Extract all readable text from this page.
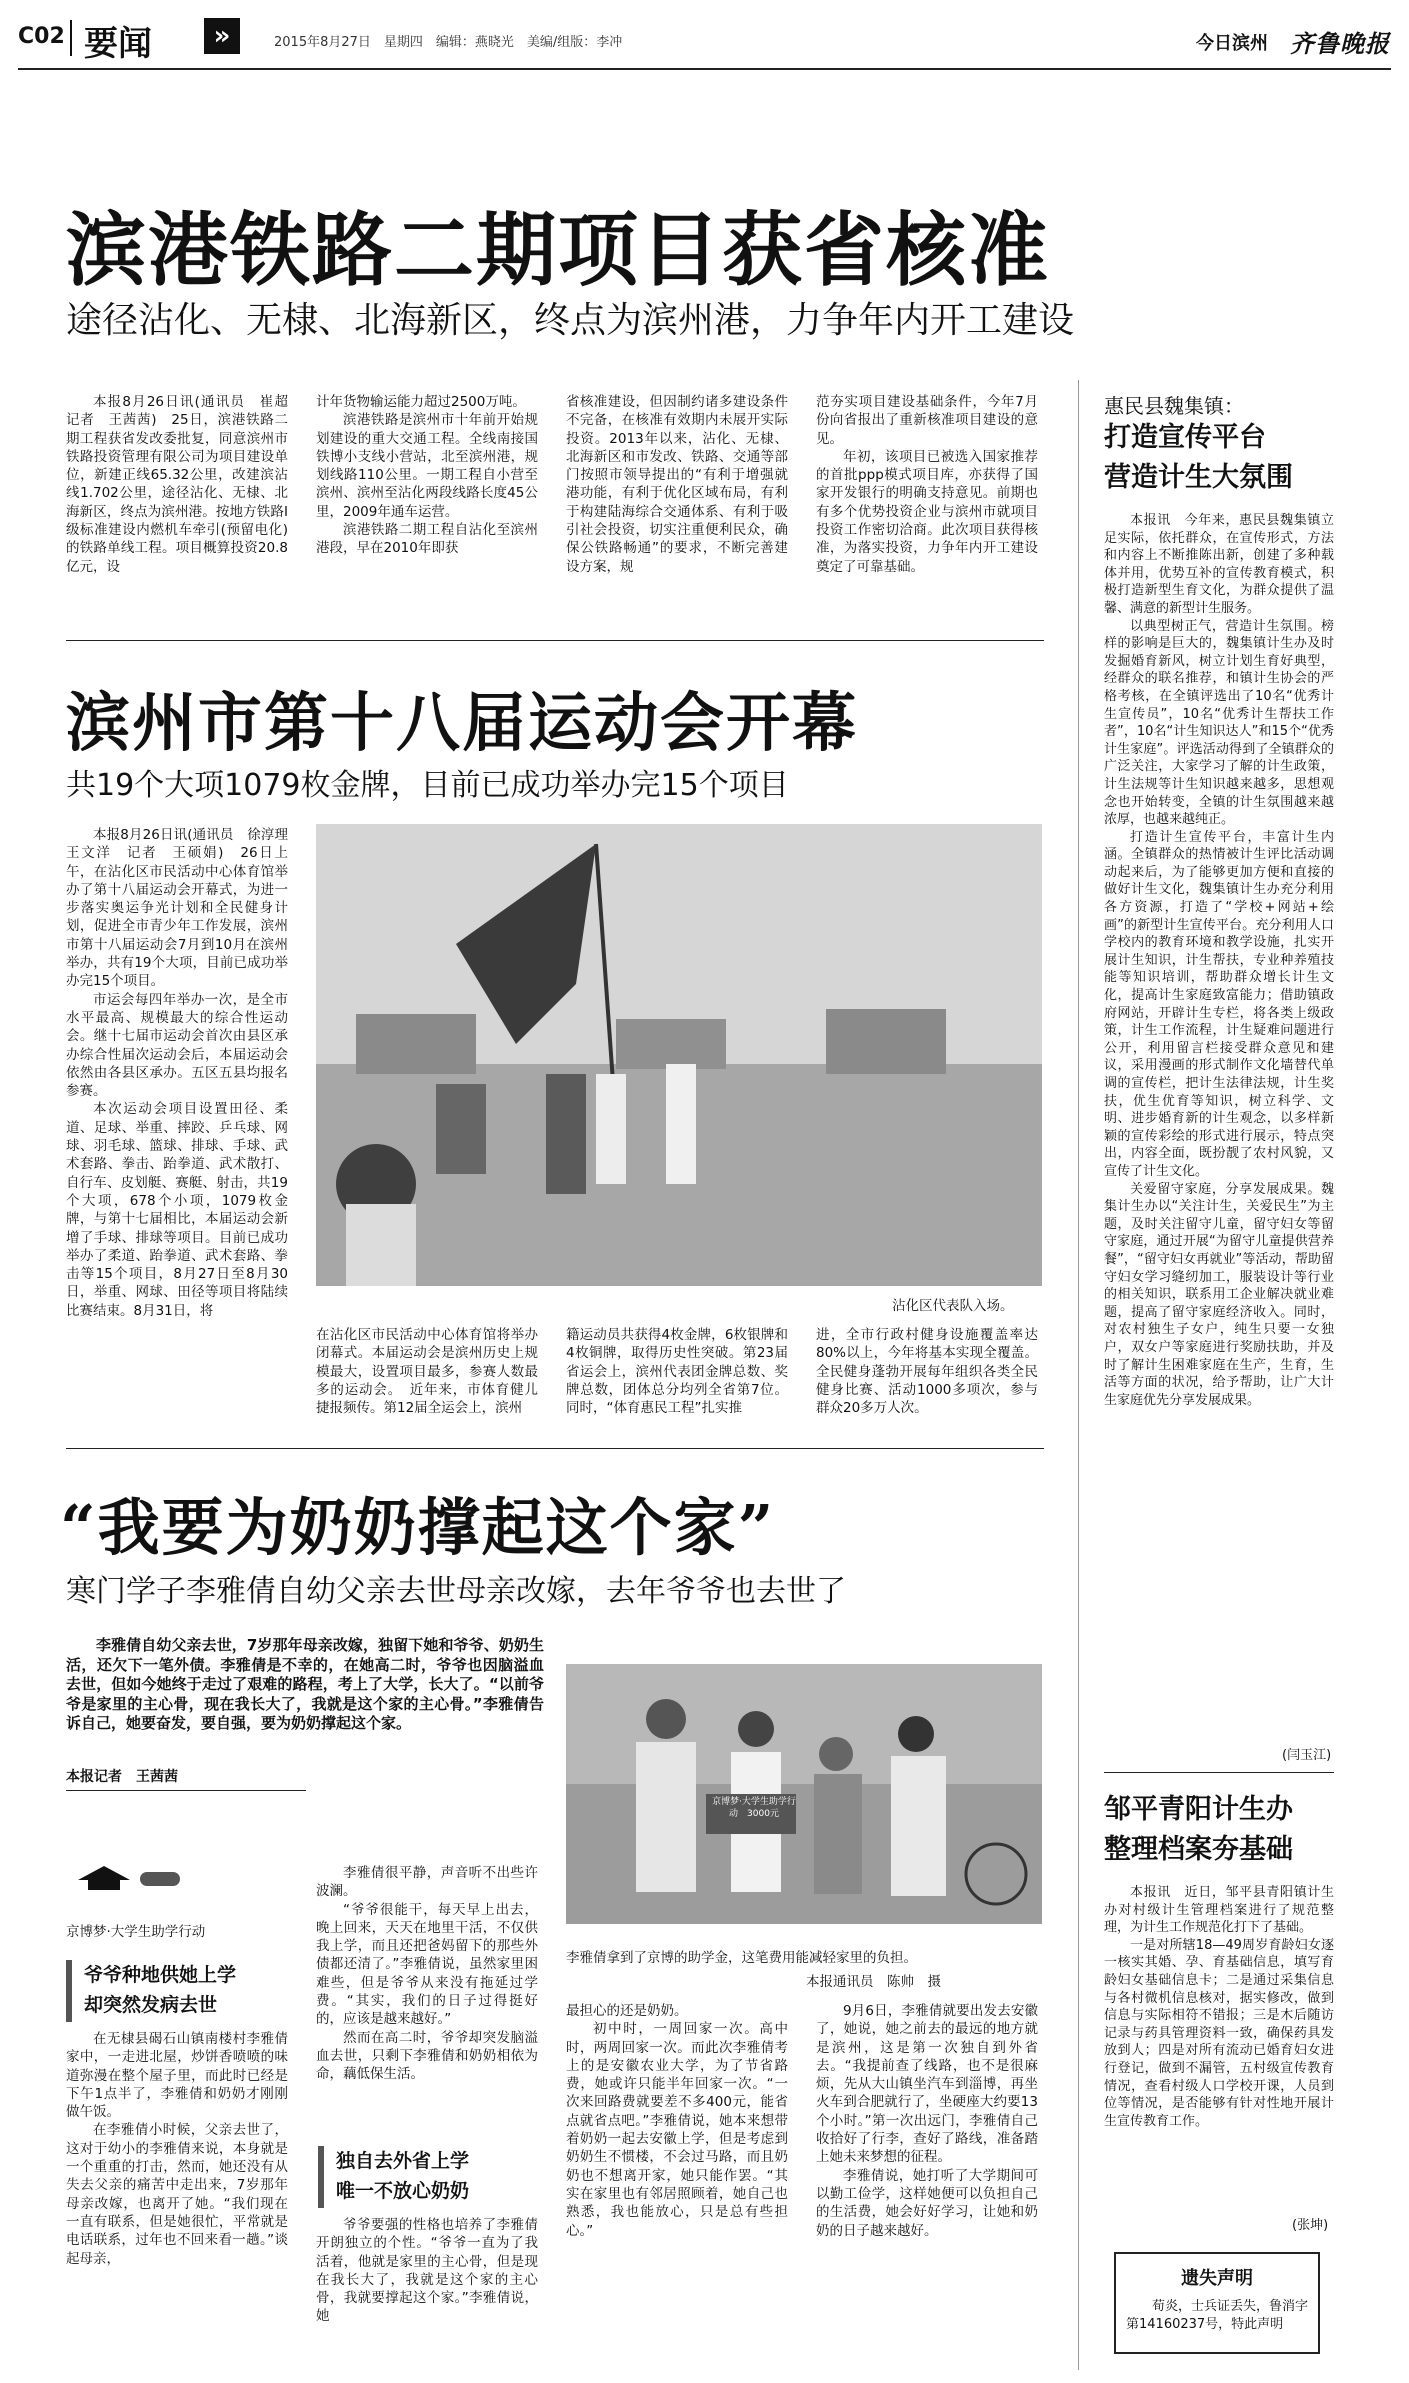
C02 要闻	»	2015年8月27日　星期四　编辑：燕晓光　美编/组版：李冲	今日滨州 齐鲁晚报
滨港铁路二期项目获省核准
途径沾化、无棣、北海新区，终点为滨州港，力争年内开工建设

本报8月26日讯(通讯员　崔超　记者　王茜茜)　25日，滨港铁路二期工程获省发改委批复，同意滨州市铁路投资管理有限公司为项目建设单位，新建正线65.32公里，改建滨沾线1.702公里，途径沾化、无棣、北海新区，终点为滨州港。按地方铁路Ⅰ级标准建设内燃机车牵引(预留电化)的铁路单线工程。项目概算投资20.8亿元，设

计年货物输运能力超过2500万吨。

滨港铁路是滨州市十年前开始规划建设的重大交通工程。全线南接国铁博小支线小营站，北至滨州港，规划线路110公里。一期工程自小营至滨州、滨州至沾化两段线路长度45公里，2009年通车运营。

滨港铁路二期工程自沾化至滨州港段，早在2010年即获

省核准建设，但因制约诸多建设条件不完备，在核准有效期内未展开实际投资。2013年以来，沾化、无棣、北海新区和市发改、铁路、交通等部门按照市领导提出的“有利于增强就港功能，有利于优化区域布局，有利于构建陆海综合交通体系、有利于吸引社会投资，切实注重便利民众，确保公铁路畅通”的要求，不断完善建设方案，规

范夯实项目建设基础条件，今年7月份向省报出了重新核准项目建设的意见。

年初，该项目已被选入国家推荐的首批ppp模式项目库，亦获得了国家开发银行的明确支持意见。前期也有多个优势投资企业与滨州市就项目投资工作密切洽商。此次项目获得核准，为落实投资，力争年内开工建设奠定了可靠基础。

滨州市第十八届运动会开幕
共19个大项1079枚金牌，目前已成功举办完15个项目

本报8月26日讯(通讯员　徐淳理　王文洋　记者　王硕娟)　26日上午，在沾化区市民活动中心体育馆举办了第十八届运动会开幕式，为进一步落实奥运争光计划和全民健身计划，促进全市青少年工作发展，滨州市第十八届运动会7月到10月在滨州举办，共有19个大项，目前已成功举办完15个项目。

市运会每四年举办一次，是全市水平最高、规模最大的综合性运动会。继十七届市运动会首次由县区承办综合性届次运动会后，本届运动会依然由各县区承办。五区五县均报名参赛。

本次运动会项目设置田径、柔道、足球、举重、摔跤、乒乓球、网球、羽毛球、篮球、排球、手球、武术套路、拳击、跆拳道、武术散打、自行车、皮划艇、赛艇、射击，共19个大项，678个小项，1079枚金牌，与第十七届相比，本届运动会新增了手球、排球等项目。目前已成功举办了柔道、跆拳道、武术套路、拳击等15个项目，8月27日至8月30日，举重、网球、田径等项目将陆续比赛结束。8月31日，将	沾化区代表队入场。

在沾化区市民活动中心体育馆将举办闭幕式。本届运动会是滨州历史上规模最大，设置项目最多，参赛人数最多的运动会。　近年来，市体育健儿捷报频传。第12届全运会上，滨州

籍运动员共获得4枚金牌，6枚银牌和4枚铜牌，取得历史性突破。第23届省运会上，滨州代表团金牌总数、奖牌总数，团体总分均列全省第7位。同时，“体育惠民工程”扎实推

进，全市行政村健身设施覆盖率达80%以上，今年将基本实现全覆盖。全民健身蓬勃开展每年组织各类全民健身比赛、活动1000多项次，参与群众20多万人次。

“我要为奶奶撑起这个家”
寒门学子李雅倩自幼父亲去世母亲改嫁，去年爷爷也去世了

李雅倩自幼父亲去世，7岁那年母亲改嫁，独留下她和爷爷、奶奶生活，还欠下一笔外债。李雅倩是不幸的，在她高二时，爷爷也因脑溢血去世，但如今她终于走过了艰难的路程，考上了大学，长大了。“以前爷爷是家里的主心骨，现在我长大了，我就是这个家的主心骨。”李雅倩告诉自己，她要奋发，要自强，要为奶奶撑起这个家。

本报记者　王茜茜
京博梦·大学生助学行动
爷爷种地供她上学
却突然发病去世

在无棣县碣石山镇南楼村李雅倩家中，一走进北屋，炒饼香喷喷的味道弥漫在整个屋子里，而此时已经是下午1点半了，李雅倩和奶奶才刚刚做午饭。

在李雅倩小时候，父亲去世了，这对于幼小的李雅倩来说，本身就是一个重重的打击，然而，她还没有从失去父亲的痛苦中走出来，7岁那年母亲改嫁，也离开了她。“我们现在一直有联系，但是她很忙，平常就是电话联系，过年也不回来看一趟。”谈起母亲，

李雅倩很平静，声音听不出些许波澜。

“爷爷很能干，每天早上出去，晚上回来，天天在地里干活，不仅供我上学，而且还把爸妈留下的那些外债都还清了。”李雅倩说，虽然家里困难些，但是爷爷从来没有拖延过学费。“其实，我们的日子过得挺好的，应该是越来越好。”

然而在高二时，爷爷却突发脑溢血去世，只剩下李雅倩和奶奶相依为命，藕低保生活。

独自去外省上学
唯一不放心奶奶

爷爷要强的性格也培养了李雅倩开朗独立的个性。“爷爷一直为了我活着，他就是家里的主心骨，但是现在我长大了，我就是这个家的主心骨，我就要撑起这个家。”李雅倩说，她

京博梦·大学生助学行动　3000元
李雅倩拿到了京博的助学金，这笔费用能减轻家里的负担。
本报通讯员　陈帅　摄

最担心的还是奶奶。

初中时，一周回家一次。高中时，两周回家一次。而此次李雅倩考上的是安徽农业大学，为了节省路费，她或许只能半年回家一次。“一次来回路费就要差不多400元，能省点就省点吧。”李雅倩说，她本来想带着奶奶一起去安徽上学，但是考虑到奶奶生不惯楼，不会过马路，而且奶奶也不想离开家，她只能作罢。“其实在家里也有邻居照顾着，她自己也熟悉，我也能放心，只是总有些担心。”

9月6日，李雅倩就要出发去安徽了，她说，她之前去的最远的地方就是滨州，这是第一次独自到外省去。“我提前查了线路，也不是很麻烦，先从大山镇坐汽车到淄博，再坐火车到合肥就行了，坐硬座大约要13个小时。”第一次出远门，李雅倩自己收拾好了行李，查好了路线，准备踏上她未来梦想的征程。

李雅倩说，她打听了大学期间可以勤工俭学，这样她便可以负担自己的生活费，她会好好学习，让她和奶奶的日子越来越好。

惠民县魏集镇：
打造宣传平台
营造计生大氛围

本报讯　今年来，惠民县魏集镇立足实际，依托群众，在宣传形式，方法和内容上不断推陈出新，创建了多种载体并用，优势互补的宣传教育模式，积极打造新型生育文化，为群众提供了温馨、满意的新型计生服务。

以典型树正气，营造计生氛围。榜样的影响是巨大的，魏集镇计生办及时发掘婚育新风，树立计划生育好典型，经群众的联名推荐，和镇计生协会的严格考核，在全镇评选出了10名“优秀计生宣传员”，10名“优秀计生帮扶工作者”，10名“计生知识达人”和15个“优秀计生家庭”。评选活动得到了全镇群众的广泛关注，大家学习了解的计生政策，计生法规等计生知识越来越多，思想观念也开始转变，全镇的计生氛围越来越浓厚，也越来越纯正。

打造计生宣传平台，丰富计生内涵。全镇群众的热情被计生评比活动调动起来后，为了能够更加方便和直接的做好计生文化，魏集镇计生办充分利用各方资源，打造了“学校+网站+绘画”的新型计生宣传平台。充分利用人口学校内的教育环境和教学设施，扎实开展计生知识，计生帮扶，专业种养殖技能等知识培训，帮助群众增长计生文化，提高计生家庭致富能力；借助镇政府网站，开辟计生专栏，将各类上级政策，计生工作流程，计生疑难问题进行公开，利用留言栏接受群众意见和建议，采用漫画的形式制作文化墙替代单调的宣传栏，把计生法律法规，计生奖扶，优生优育等知识，树立科学、文明、进步婚育新的计生观念，以多样新颖的宣传彩绘的形式进行展示，特点突出，内容全面，既扮靓了农村风貌，又宣传了计生文化。

关爱留守家庭，分享发展成果。魏集计生办以“关注计生，关爱民生”为主题，及时关注留守儿童，留守妇女等留守家庭，通过开展“为留守儿童提供营养餐”，“留守妇女再就业”等活动，帮助留守妇女学习缝纫加工，服装设计等行业的相关知识，联系用工企业解决就业难题，提高了留守家庭经济收入。同时，对农村独生子女户，纯生只要一女独户，双女户等家庭进行奖励扶助，并及时了解计生困难家庭在生产，生育，生活等方面的状况，给予帮助，让广大计生家庭优先分享发展成果。

(闫玉江)
邹平青阳计生办
整理档案夯基础

本报讯　近日，邹平县青阳镇计生办对村级计生管理档案进行了规范整理，为计生工作规范化打下了基础。

一是对所辖18—49周岁育龄妇女逐一核实其婚、孕、育基础信息，填写育龄妇女基础信息卡；二是通过采集信息与各村微机信息核对，据实修改，做到信息与实际相符不错报；三是木后随访记录与药具管理资料一致，确保药具发放到人；四是对所有流动已婚育妇女进行登记，做到不漏管，五村级宣传教育情况，查看村级人口学校开课，人员到位等情况，是否能够有针对性地开展计生宣传教育工作。

(张坤)
遗失声明
荀炎，士兵证丢失，鲁消字第14160237号，特此声明
